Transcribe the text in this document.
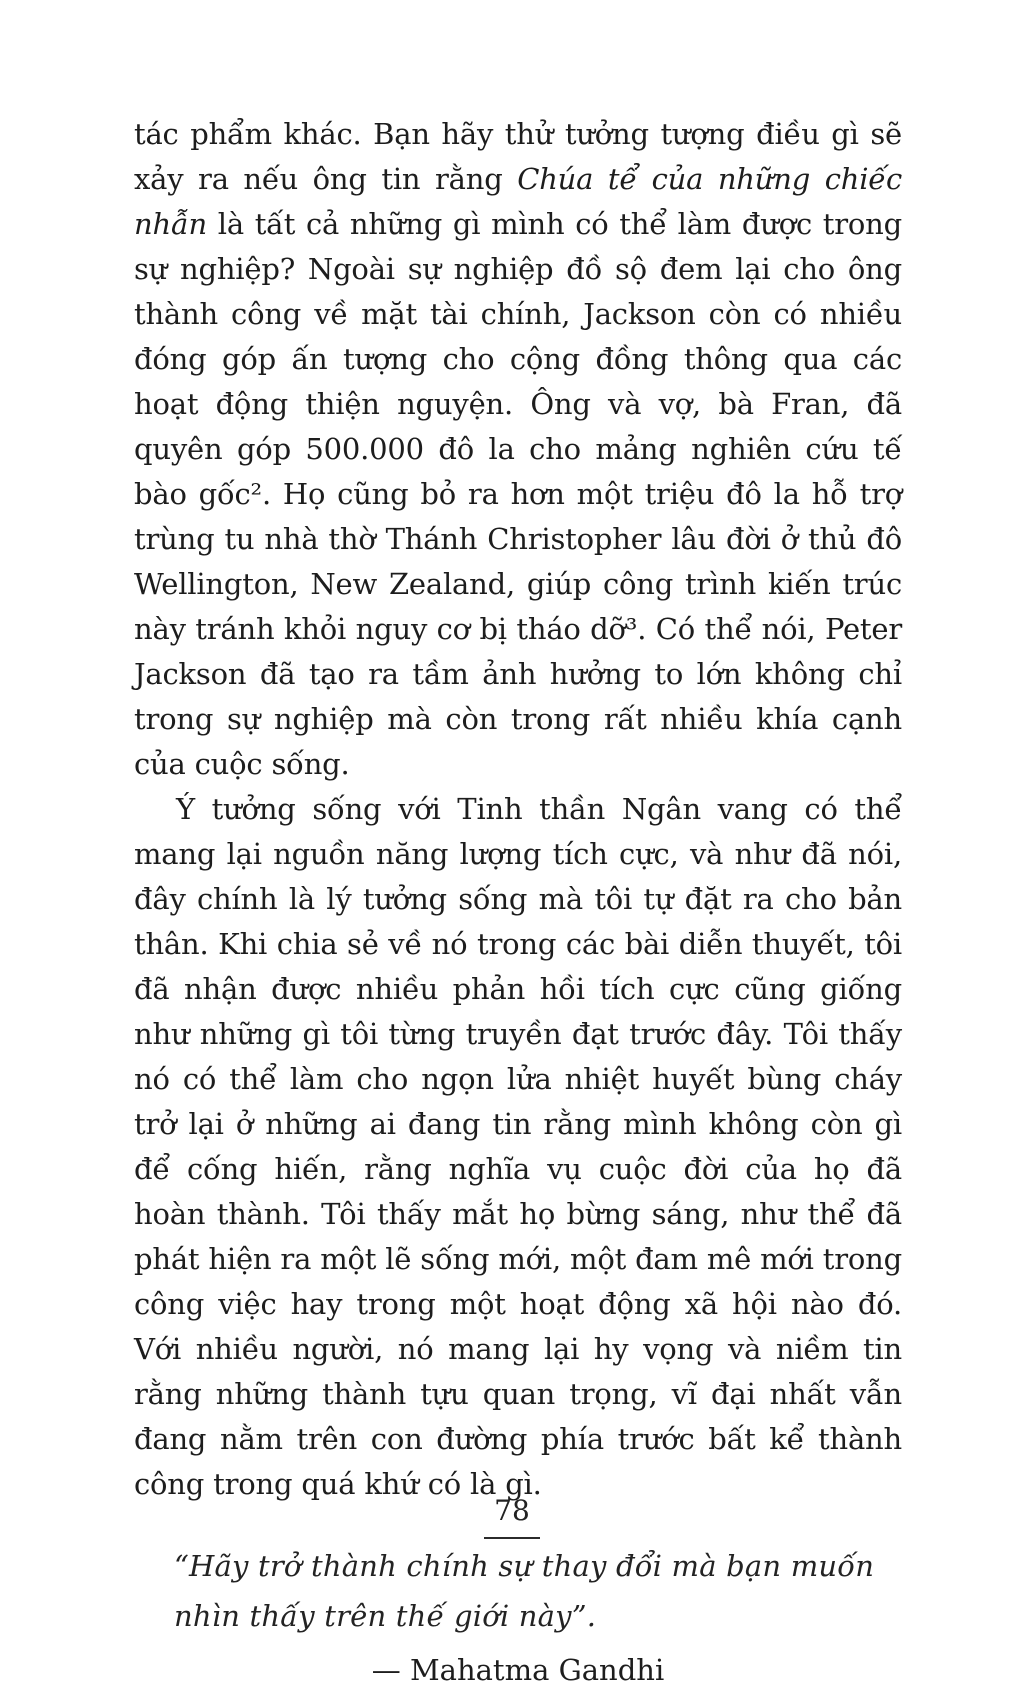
tác phẩm khác. Bạn hãy thử tưởng tượng điều gì sẽ xảy ra nếu ông tin rằng Chúa tể của những chiếc nhẫn là tất cả những gì mình có thể làm được trong sự nghiệp? Ngoài sự nghiệp đồ sộ đem lại cho ông thành công về mặt tài chính, Jackson còn có nhiều đóng góp ấn tượng cho cộng đồng thông qua các hoạt động thiện nguyện. Ông và vợ, bà Fran, đã quyên góp 500.000 đô la cho mảng nghiên cứu tế bào gốc². Họ cũng bỏ ra hơn một triệu đô la hỗ trợ trùng tu nhà thờ Thánh Christopher lâu đời ở thủ đô Wellington, New Zealand, giúp công trình kiến trúc này tránh khỏi nguy cơ bị tháo dỡ³. Có thể nói, Peter Jackson đã tạo ra tầm ảnh hưởng to lớn không chỉ trong sự nghiệp mà còn trong rất nhiều khía cạnh của cuộc sống.

Ý tưởng sống với Tinh thần Ngân vang có thể mang lại nguồn năng lượng tích cực, và như đã nói, đây chính là lý tưởng sống mà tôi tự đặt ra cho bản thân. Khi chia sẻ về nó trong các bài diễn thuyết, tôi đã nhận được nhiều phản hồi tích cực cũng giống như những gì tôi từng truyền đạt trước đây. Tôi thấy nó có thể làm cho ngọn lửa nhiệt huyết bùng cháy trở lại ở những ai đang tin rằng mình không còn gì để cống hiến, rằng nghĩa vụ cuộc đời của họ đã hoàn thành. Tôi thấy mắt họ bừng sáng, như thể đã phát hiện ra một lẽ sống mới, một đam mê mới trong công việc hay trong một hoạt động xã hội nào đó. Với nhiều người, nó mang lại hy vọng và niềm tin rằng những thành tựu quan trọng, vĩ đại nhất vẫn đang nằm trên con đường phía trước bất kể thành công trong quá khứ có là gì.

“Hãy trở thành chính sự thay đổi mà bạn muốn nhìn thấy trên thế giới này”.

— Mahatma Gandhi

78
